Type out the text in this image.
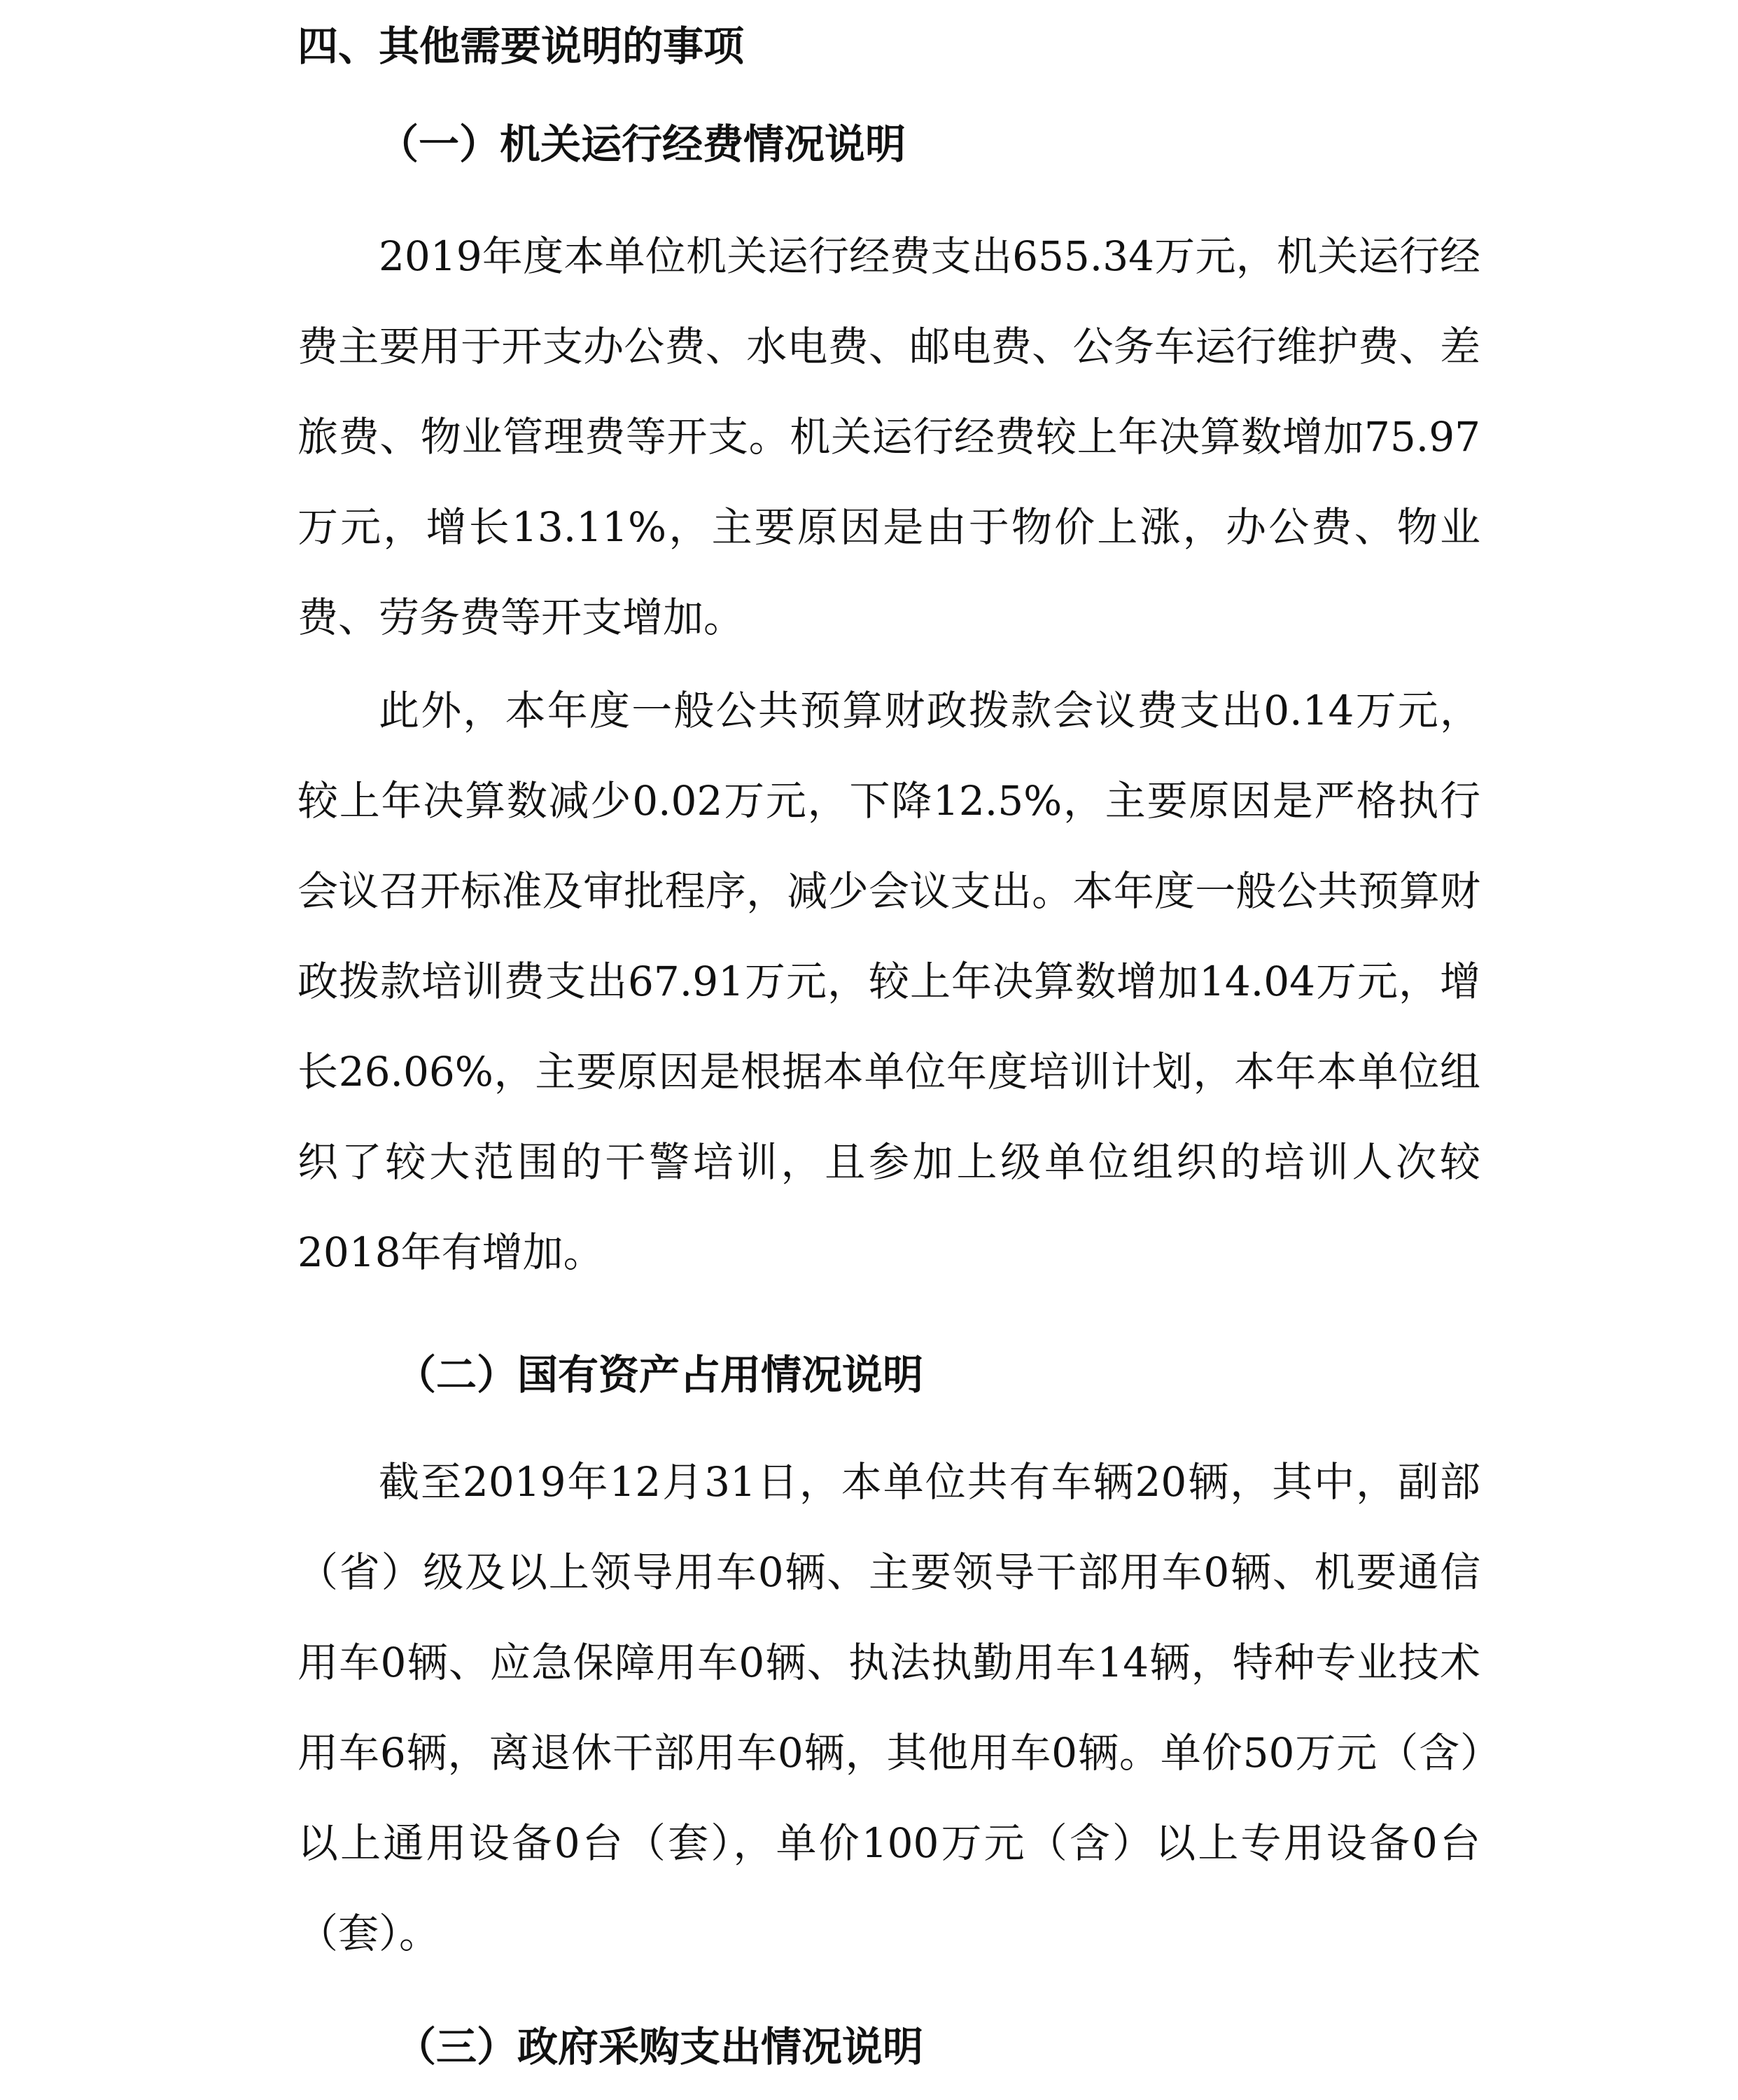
四、其他需要说明的事项
（一）机关运行经费情况说明

2019年度本单位机关运行经费支出655.34万元，机关运行经费主要用于开支办公费、水电费、邮电费、公务车运行维护费、差旅费、物业管理费等开支。机关运行经费较上年决算数增加75.97万元，增长13.11%，主要原因是由于物价上涨，办公费、物业费、劳务费等开支增加。

此外，本年度一般公共预算财政拨款会议费支出0.14万元，较上年决算数减少0.02万元，下降12.5%，主要原因是严格执行会议召开标准及审批程序，减少会议支出。本年度一般公共预算财政拨款培训费支出67.91万元，较上年决算数增加14.04万元，增长26.06%，主要原因是根据本单位年度培训计划，本年本单位组织了较大范围的干警培训，且参加上级单位组织的培训人次较2018年有增加。

（二）国有资产占用情况说明

截至2019年12月31日，本单位共有车辆20辆，其中，副部（省）级及以上领导用车0辆、主要领导干部用车0辆、机要通信用车0辆、应急保障用车0辆、执法执勤用车14辆，特种专业技术用车6辆，离退休干部用车0辆，其他用车0辆。单价50万元（含）以上通用设备0台（套），单价100万元（含）以上专用设备0台（套）。

（三）政府采购支出情况说明
